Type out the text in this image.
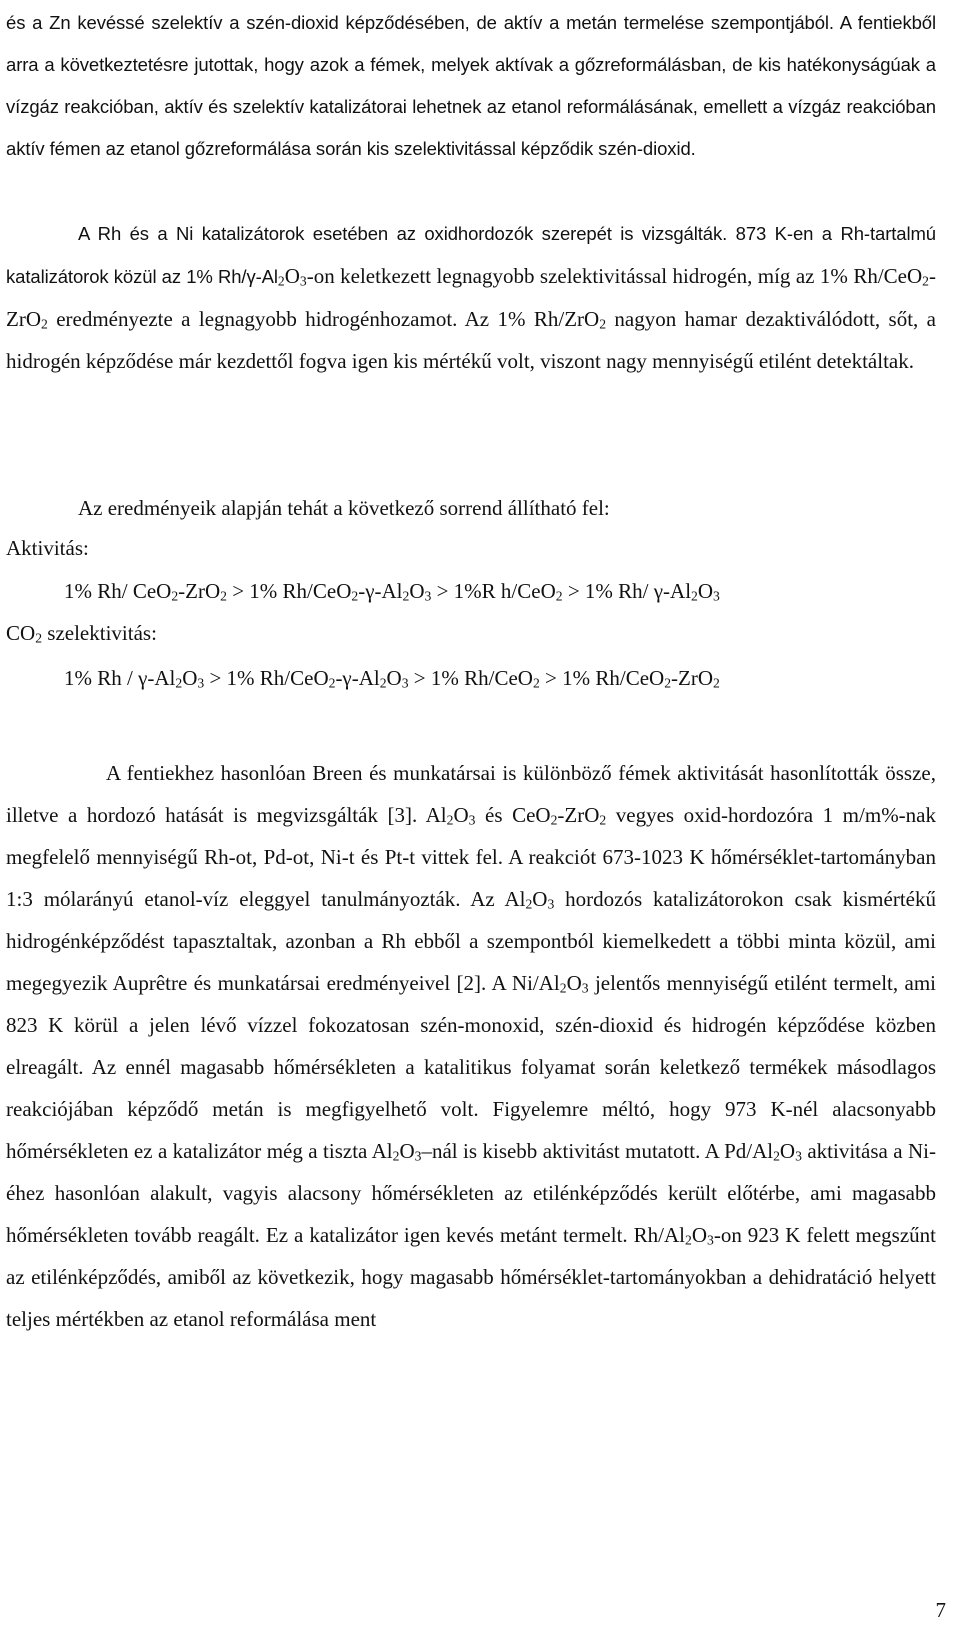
és a Zn kevéssé szelektív a szén-dioxid képződésében, de aktív a metán termelése szempontjából. A fentiekből arra a következtetésre jutottak, hogy azok a fémek, melyek aktívak a gőzreformálásban, de kis hatékonyságúak a vízgáz reakcióban, aktív és szelektív katalizátorai lehetnek az etanol reformálásának, emellett a vízgáz reakcióban aktív fémen az etanol gőzreformálása során kis szelektivitással képződik szén-dioxid.

A Rh és a Ni katalizátorok esetében az oxidhordozók szerepét is vizsgálták. 873 K-en a Rh-tartalmú katalizátorok közül az 1% $Rh/\gamma-Al_2O_3-on$ keletkezett legnagyobb szelektivitással hidrogén, míg az 1% Rh/CeO$_2$-ZrO$_2$ eredményezte a legnagyobb hidrogénhozamot. Az 1% Rh/ZrO$_2$ nagyon hamar dezaktiválódott, sőt, a hidrogén képződése már kezdettől fogva igen kis mértékű volt, viszont nagy mennyiségű etilént detektáltak.

Az eredményeik alapján tehát a következő sorrend állítható fel:

Aktivitás:
1% Rh/ CeO$_2$-ZrO$_2$ > 1% $Rh/CeO_2-\gamma-Al_2O_3 > 1\%R$ h/CeO$_2$ > 1% Rh/ $\gamma-Al_2O_3$
$CO_2$ szelektivitás:
1% $Rh / \gamma-Al_2O_3 > 1\%$ $Rh/CeO_2-\gamma-Al_2O_3 > 1\%$ Rh/CeO$_2$ > 1% Rh/CeO$_2$-ZrO$_2$

A fentiekhez hasonlóan Breen és munkatársai is különböző fémek aktivitását hasonlították össze, illetve a hordozó hatását is megvizsgálták [3]. $Al_2O_3$ és CeO$_2$-ZrO$_2$ vegyes oxid-hordozóra 1 m/m%-nak megfelelő mennyiségű Rh-ot, Pd-ot, Ni-t és Pt-t vittek fel. A reakciót 673-1023 K hőmérséklet-tartományban 1:3 mólarányú etanol-víz eleggyel tanulmányozták. Az $Al_2O_3$ hordozós katalizátorokon csak kismértékű hidrogénképződést tapasztaltak, azonban a Rh ebből a szempontból kiemelkedett a többi minta közül, ami megegyezik Auprêtre és munkatársai eredményeivel [2]. A $Ni/Al_2O_3$ jelentős mennyiségű etilént termelt, ami 823 K körül a jelen lévő vízzel fokozatosan szén-monoxid, szén-dioxid és hidrogén képződése közben elreagált. Az ennél magasabb hőmérsékleten a katalitikus folyamat során keletkező termékek másodlagos reakciójában képződő metán is megfigyelhető volt. Figyelemre méltó, hogy 973 K-nél alacsonyabb hőmérsékleten ez a katalizátor még a tiszta $Al_2O_3$–nál is kisebb aktivitást mutatott. A $Pd/Al_2O_3$ aktivitása a Ni-éhez hasonlóan alakult, vagyis alacsony hőmérsékleten az etilénképződés került előtérbe, ami magasabb hőmérsékleten tovább reagált. Ez a katalizátor igen kevés metánt termelt. $Rh/Al_2O_3-on$ 923 K felett megszűnt az etilénképződés, amiből az következik, hogy magasabb hőmérséklet-tartományokban a dehidratáció helyett teljes mértékben az etanol reformálása ment

7
